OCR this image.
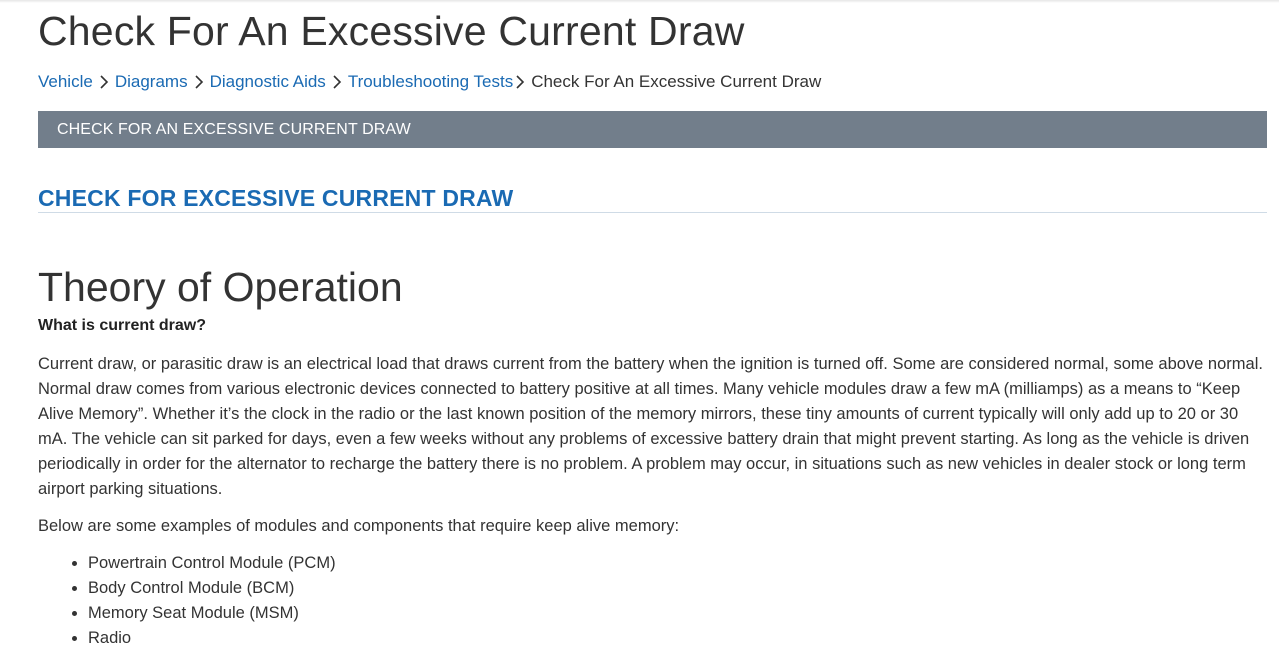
Check For An Excessive Current Draw
Vehicle Diagrams Diagnostic Aids Troubleshooting Tests Check For An Excessive Current Draw
CHECK FOR AN EXCESSIVE CURRENT DRAW
CHECK FOR EXCESSIVE CURRENT DRAW
Theory of Operation

What is current draw?

Current draw, or parasitic draw is an electrical load that draws current from the battery when the ignition is turned off. Some are considered normal, some above normal. Normal draw comes from various electronic devices connected to battery positive at all times. Many vehicle modules draw a few mA (milliamps) as a means to “Keep Alive Memory”. Whether it’s the clock in the radio or the last known position of the memory mirrors, these tiny amounts of current typically will only add up to 20 or 30 mA. The vehicle can sit parked for days, even a few weeks without any problems of excessive battery drain that might prevent starting. As long as the vehicle is driven periodically in order for the alternator to recharge the battery there is no problem. A problem may occur, in situations such as new vehicles in dealer stock or long term airport parking situations.

Below are some examples of modules and components that require keep alive memory:

• Powertrain Control Module (PCM)
• Body Control Module (BCM)
• Memory Seat Module (MSM)
• Radio
